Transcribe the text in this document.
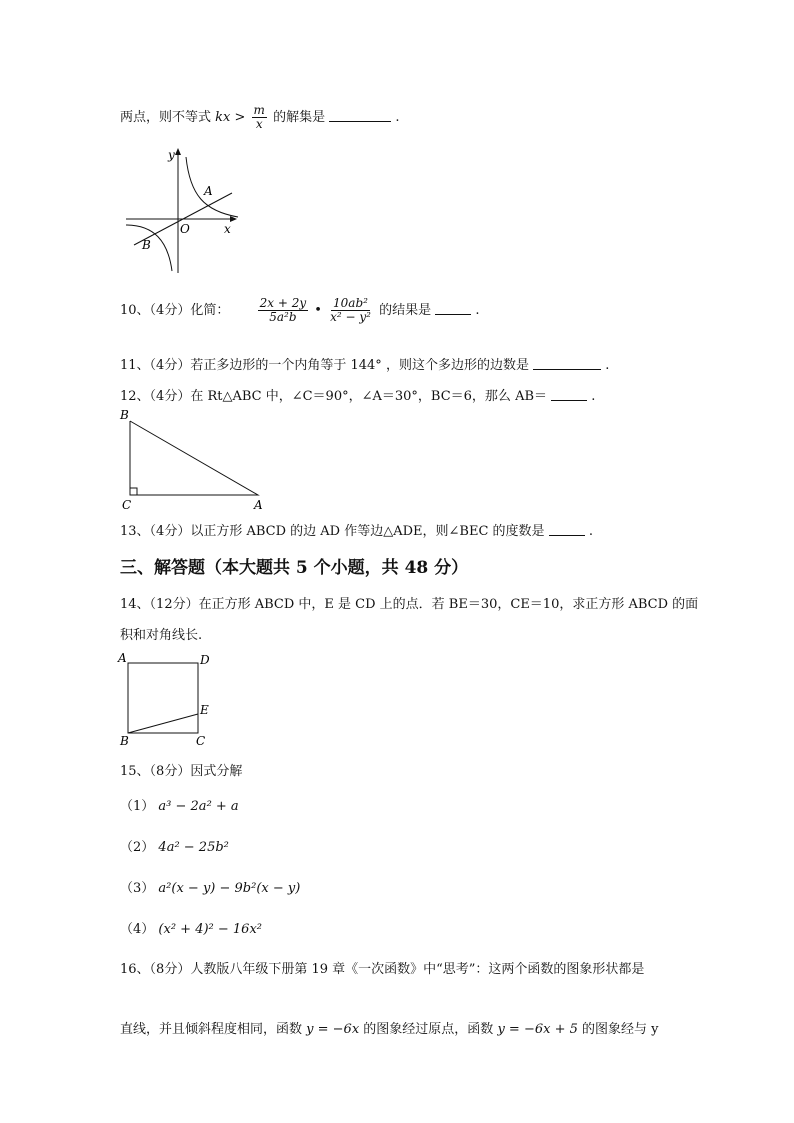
两点，则不等式 kx > $\frac{m}{x}$ 的解集是	.
y
x
O
A
B
10、（4分）化简： $\frac{2x + 2y}{\text{5a²b}}$ • $\frac{\text{10ab²}}{\text{x² − y²}}$ 的结果是	.
11、（4分）若正多边形的一个内角等于 144° ，则这个多边形的边数是	.
12、（4分）在 Rt△ABC 中，∠C＝90°，∠A＝30°，BC＝6，那么 AB＝	.
B
C	A
13、（4分）以正方形 ABCD 的边 AD 作等边△ADE，则∠BEC 的度数是	.
三、解答题（本大题共 5 个小题，共 48 分）
14、（12分）在正方形 ABCD 中，E 是 CD 上的点．若 BE＝30，CE＝10，求正方形 ABCD 的面
积和对角线长.
A	D
E
B	C
15、（8分）因式分解
（1） a³ − 2a² + a
（2） 4a² − 25b²
（3） a²(x − y) − 9b²(x − y)
（4） (x² + 4)² − 16x²
16、（8分）人教版八年级下册第 19 章《一次函数》中“思考”：这两个函数的图象形状都是
直线，并且倾斜程度相同，函数 y = −6x 的图象经过原点，函数 y = −6x + 5 的图象经与 y
